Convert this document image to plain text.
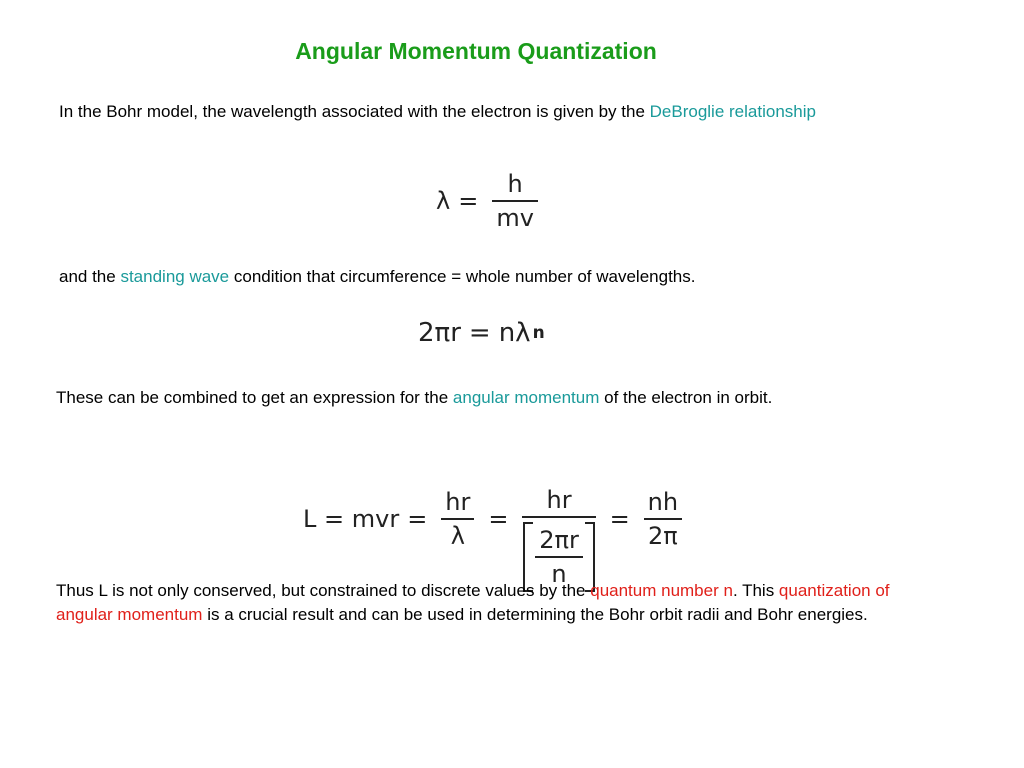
Angular Momentum Quantization
In the Bohr model, the wavelength associated with the electron is given by the DeBroglie relationship
$\lambda = \frac{h}{mv}$
and the standing wave condition that circumference = whole number of wavelengths.
2πr = nλ n
These can be combined to get an expression for the angular momentum of the electron in orbit.
L = mvr = $\frac{hr}{\lambda} = \frac{hr}{\frac{2\pi r}{n}} = \frac{nh}{2\pi}$
Thus L is not only conserved, but constrained to discrete values by the quantum number n. This quantization of angular momentum is a crucial result and can be used in determining the Bohr orbit radii and Bohr energies.
